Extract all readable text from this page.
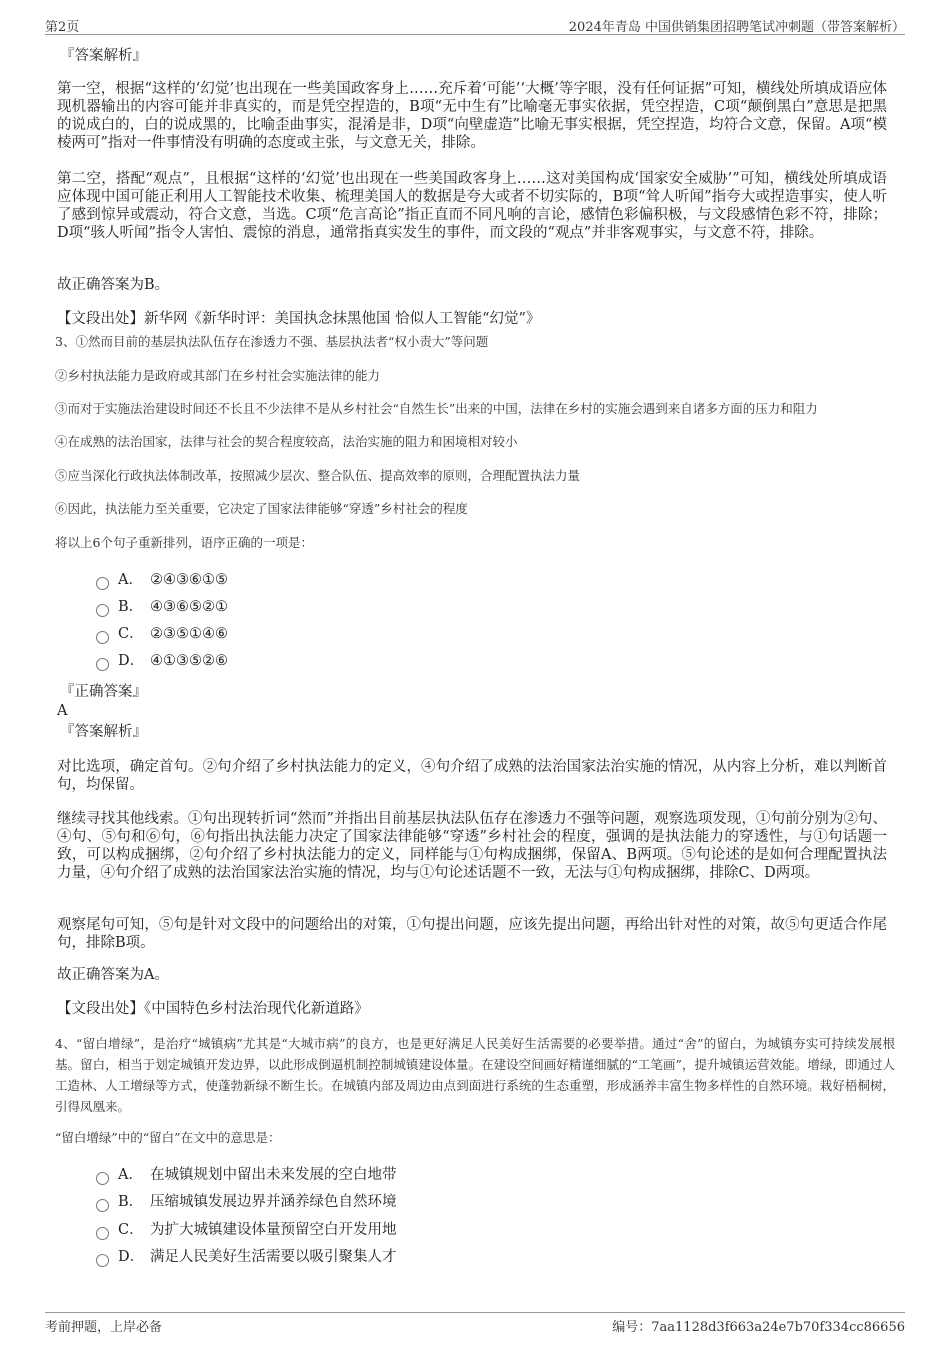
第2页	2024年青岛 中国供销集团招聘笔试冲刺题（带答案解析）
『答案解析』
第一空，根据“这样的‘幻觉’也出现在一些美国政客身上……充斥着‘可能’‘大概’等字眼，没有任何证据”可知，横线处所填成语应体现机器输出的内容可能并非真实的，而是凭空捏造的，B项“无中生有”比喻毫无事实依据，凭空捏造，C项“颠倒黑白”意思是把黑的说成白的，白的说成黑的，比喻歪曲事实，混淆是非，D项“向壁虚造”比喻无事实根据，凭空捏造，均符合文意，保留。A项“模棱两可”指对一件事情没有明确的态度或主张，与文意无关，排除。
第二空，搭配“观点”，且根据“这样的‘幻觉’也出现在一些美国政客身上……这对美国构成‘国家安全威胁’”可知，横线处所填成语应体现中国可能正利用人工智能技术收集、梳理美国人的数据是夸大或者不切实际的，B项“耸人听闻”指夸大或捏造事实，使人听了感到惊异或震动，符合文意，当选。C项“危言高论”指正直而不同凡响的言论，感情色彩偏积极，与文段感情色彩不符，排除；D项“骇人听闻”指令人害怕、震惊的消息，通常指真实发生的事件，而文段的“观点”并非客观事实，与文意不符，排除。
故正确答案为B。
【文段出处】新华网《新华时评：美国执念抹黑他国 恰似人工智能“幻觉”》
3、①然而目前的基层执法队伍存在渗透力不强、基层执法者“权小责大”等问题
②乡村执法能力是政府或其部门在乡村社会实施法律的能力
③而对于实施法治建设时间还不长且不少法律不是从乡村社会“自然生长”出来的中国，法律在乡村的实施会遇到来自诸多方面的压力和阻力
④在成熟的法治国家，法律与社会的契合程度较高，法治实施的阻力和困境相对较小
⑤应当深化行政执法体制改革，按照减少层次、整合队伍、提高效率的原则，合理配置执法力量
⑥因此，执法能力至关重要，它决定了国家法律能够“穿透”乡村社会的程度
将以上6个句子重新排列，语序正确的一项是：
A． ②④③⑥①⑤
B． ④③⑥⑤②①
C． ②③⑤①④⑥
D． ④①③⑤②⑥
『正确答案』
A
『答案解析』
对比选项，确定首句。②句介绍了乡村执法能力的定义，④句介绍了成熟的法治国家法治实施的情况，从内容上分析，难以判断首句，均保留。
继续寻找其他线索。①句出现转折词“然而”并指出目前基层执法队伍存在渗透力不强等问题，观察选项发现，①句前分别为②句、④句、⑤句和⑥句，⑥句指出执法能力决定了国家法律能够“穿透”乡村社会的程度，强调的是执法能力的穿透性，与①句话题一致，可以构成捆绑，②句介绍了乡村执法能力的定义，同样能与①句构成捆绑，保留A、B两项。⑤句论述的是如何合理配置执法力量，④句介绍了成熟的法治国家法治实施的情况，均与①句论述话题不一致，无法与①句构成捆绑，排除C、D两项。
观察尾句可知，⑤句是针对文段中的问题给出的对策，①句提出问题，应该先提出问题，再给出针对性的对策，故⑤句更适合作尾句，排除B项。
故正确答案为A。
【文段出处】《中国特色乡村法治现代化新道路》
4、“留白增绿”，是治疗“城镇病”尤其是“大城市病”的良方，也是更好满足人民美好生活需要的必要举措。通过“舍”的留白，为城镇夯实可持续发展根基。留白，相当于划定城镇开发边界，以此形成倒逼机制控制城镇建设体量。在建设空间画好精谨细腻的“工笔画”，提升城镇运营效能。增绿，即通过人工造林、人工增绿等方式，使蓬勃新绿不断生长。在城镇内部及周边由点到面进行系统的生态重塑，形成涵养丰富生物多样性的自然环境。栽好梧桐树，引得凤凰来。
“留白增绿”中的“留白”在文中的意思是：
A． 在城镇规划中留出未来发展的空白地带
B． 压缩城镇发展边界并涵养绿色自然环境
C． 为扩大城镇建设体量预留空白开发用地
D． 满足人民美好生活需要以吸引聚集人才
考前押题，上岸必备	编号：7aa1128d3f663a24e7b70f334cc86656
